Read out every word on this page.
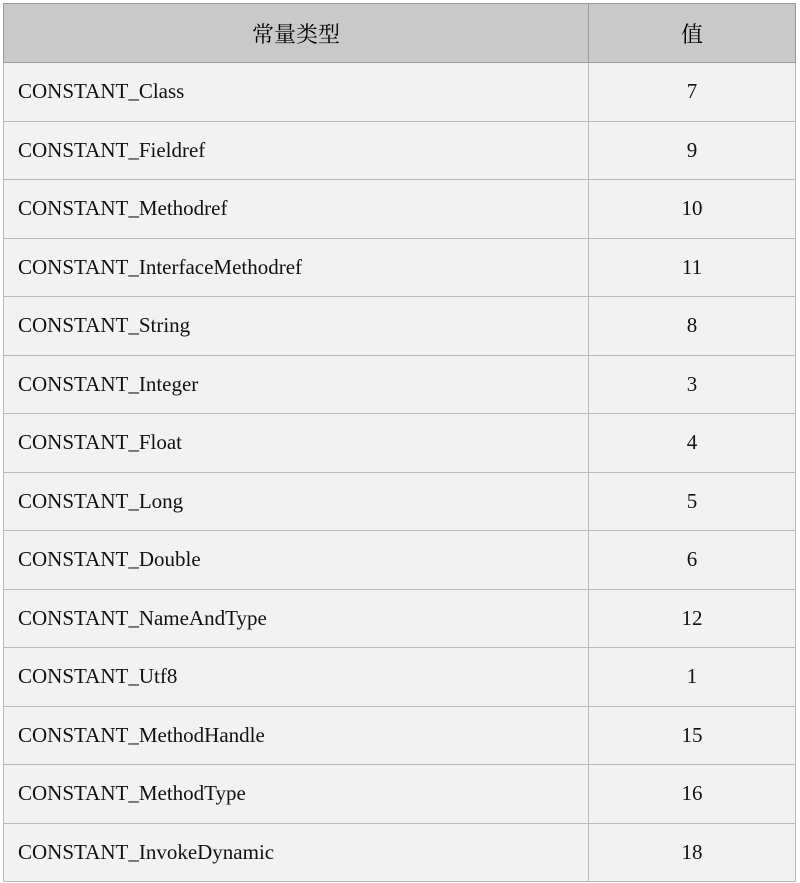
常量类型	值
CONSTANT_Class	7
CONSTANT_Fieldref	9
CONSTANT_Methodref	10
CONSTANT_InterfaceMethodref	11
CONSTANT_String	8
CONSTANT_Integer	3
CONSTANT_Float	4
CONSTANT_Long	5
CONSTANT_Double	6
CONSTANT_NameAndType	12
CONSTANT_Utf8	1
CONSTANT_MethodHandle	15
CONSTANT_MethodType	16
CONSTANT_InvokeDynamic	18
